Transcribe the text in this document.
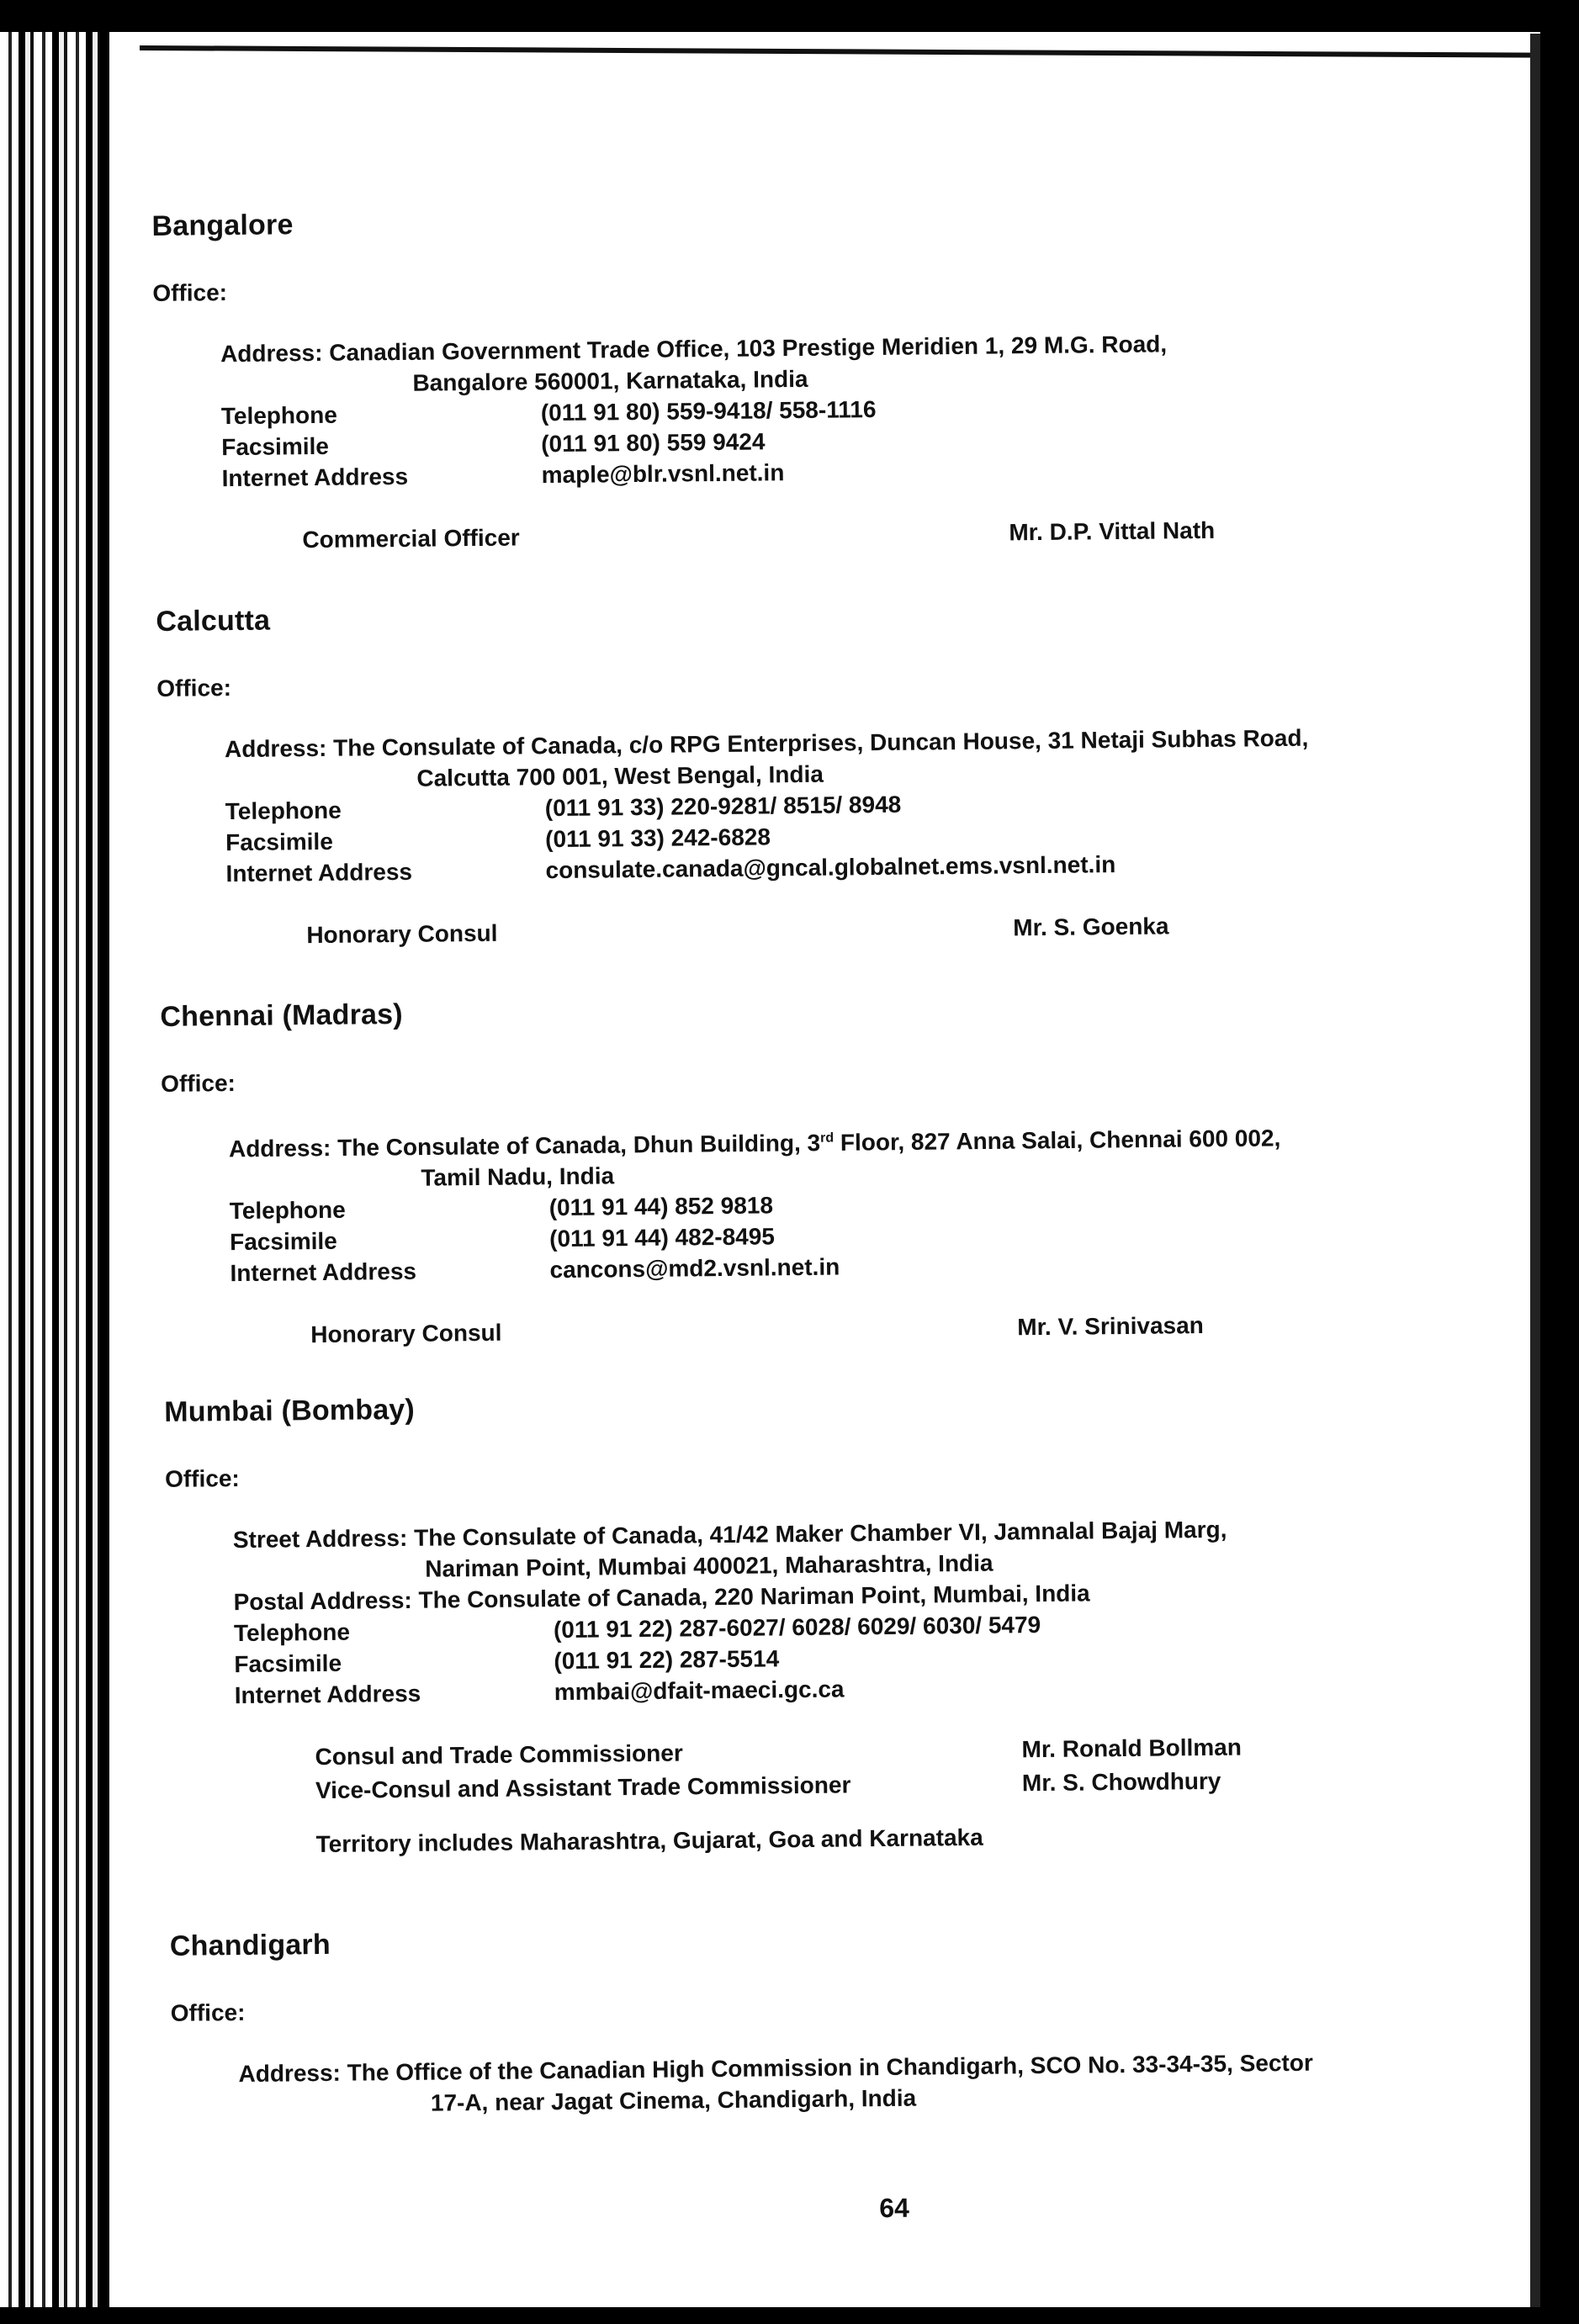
Bangalore
Office:
Address: Canadian Government Trade Office, 103 Prestige Meridien 1, 29 M.G. Road,
Bangalore 560001, Karnataka, India
Telephone	(011 91 80) 559-9418/ 558-1116
Facsimile	(011 91 80) 559 9424
Internet Address	maple@blr.vsnl.net.in
Commercial Officer	Mr. D.P. Vittal Nath
Calcutta
Office:
Address: The Consulate of Canada, c/o RPG Enterprises, Duncan House, 31 Netaji Subhas Road,
Calcutta 700 001, West Bengal, India
Telephone	(011 91 33) 220-9281/ 8515/ 8948
Facsimile	(011 91 33) 242-6828
Internet Address	consulate.canada@gncal.globalnet.ems.vsnl.net.in
Honorary Consul	Mr. S. Goenka
Chennai (Madras)
Office:
Address: The Consulate of Canada, Dhun Building, 3rd Floor, 827 Anna Salai, Chennai 600 002,
Tamil Nadu, India
Telephone	(011 91 44) 852 9818
Facsimile	(011 91 44) 482-8495
Internet Address	cancons@md2.vsnl.net.in
Honorary Consul	Mr. V. Srinivasan
Mumbai (Bombay)
Office:
Street Address: The Consulate of Canada, 41/42 Maker Chamber VI, Jamnalal Bajaj Marg,
Nariman Point, Mumbai 400021, Maharashtra, India
Postal Address:
The Consulate of Canada, 220 Nariman Point, Mumbai, India
Telephone	(011 91 22) 287-6027/ 6028/ 6029/ 6030/ 5479
Facsimile	(011 91 22) 287-5514
Internet Address	mmbai@dfait-maeci.gc.ca
Consul and Trade Commissioner	Mr. Ronald Bollman
Vice-Consul and Assistant Trade Commissioner	Mr. S. Chowdhury
Territory includes Maharashtra, Gujarat, Goa and Karnataka
Chandigarh
Office:
Address: The Office of the Canadian High Commission in Chandigarh, SCO No. 33-34-35, Sector
17-A, near Jagat Cinema, Chandigarh, India
64
